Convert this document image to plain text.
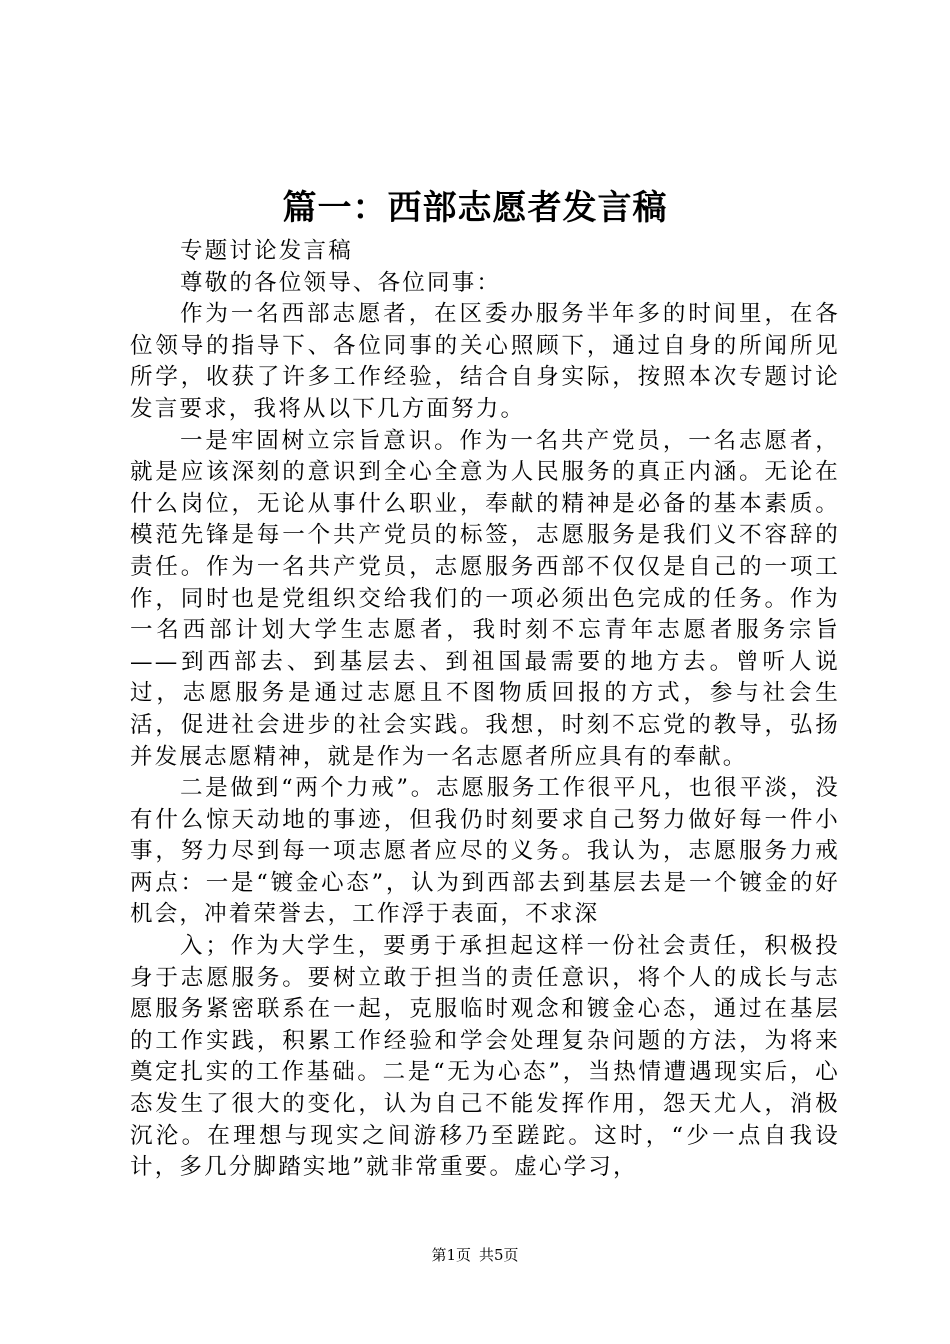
篇一：西部志愿者发言稿

专题讨论发言稿

尊敬的各位领导、各位同事：

作为一名西部志愿者，在区委办服务半年多的时间里，在各位领导的指导下、各位同事的关心照顾下，通过自身的所闻所见所学，收获了许多工作经验，结合自身实际，按照本次专题讨论发言要求，我将从以下几方面努力。

一是牢固树立宗旨意识。作为一名共产党员，一名志愿者，就是应该深刻的意识到全心全意为人民服务的真正内涵。无论在什么岗位，无论从事什么职业，奉献的精神是必备的基本素质。模范先锋是每一个共产党员的标签，志愿服务是我们义不容辞的责任。作为一名共产党员，志愿服务西部不仅仅是自己的一项工作，同时也是党组织交给我们的一项必须出色完成的任务。作为一名西部计划大学生志愿者，我时刻不忘青年志愿者服务宗旨——到西部去、到基层去、到祖国最需要的地方去。曾听人说过，志愿服务是通过志愿且不图物质回报的方式，参与社会生活，促进社会进步的社会实践。我想，时刻不忘党的教导，弘扬并发展志愿精神，就是作为一名志愿者所应具有的奉献。

二是做到“两个力戒”。志愿服务工作很平凡，也很平淡，没有什么惊天动地的事迹，但我仍时刻要求自己努力做好每一件小事，努力尽到每一项志愿者应尽的义务。我认为，志愿服务力戒两点：一是“镀金心态”，认为到西部去到基层去是一个镀金的好机会，冲着荣誉去，工作浮于表面，不求深

入；作为大学生，要勇于承担起这样一份社会责任，积极投身于志愿服务。要树立敢于担当的责任意识，将个人的成长与志愿服务紧密联系在一起，克服临时观念和镀金心态，通过在基层的工作实践，积累工作经验和学会处理复杂问题的方法，为将来奠定扎实的工作基础。二是“无为心态”，当热情遭遇现实后，心态发生了很大的变化，认为自己不能发挥作用，怨天尤人，消极沉沦。在理想与现实之间游移乃至蹉跎。这时，“少一点自我设计，多几分脚踏实地”就非常重要。虚心学习，

第1页 共5页
